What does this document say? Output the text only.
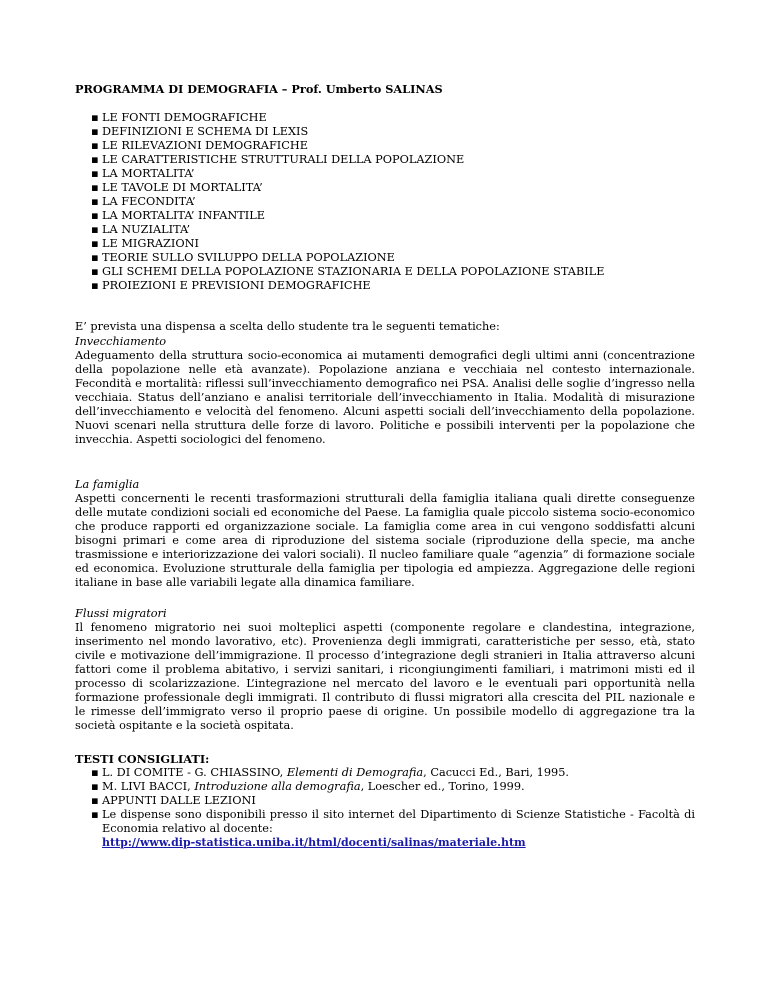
PROGRAMMA DI DEMOGRAFIA – Prof. Umberto SALINAS
▪ LE FONTI DEMOGRAFICHE
▪ DEFINIZIONI E SCHEMA DI LEXIS
▪ LE RILEVAZIONI DEMOGRAFICHE
▪ LE CARATTERISTICHE STRUTTURALI DELLA POPOLAZIONE
▪ LA MORTALITA’
▪ LE TAVOLE DI MORTALITA’
▪ LA FECONDITA’
▪ LA MORTALITA’ INFANTILE
▪ LA NUZIALITA’
▪ LE MIGRAZIONI
▪ TEORIE SULLO SVILUPPO DELLA POPOLAZIONE
▪ GLI SCHEMI DELLA POPOLAZIONE STAZIONARIA E DELLA POPOLAZIONE STABILE
▪ PROIEZIONI E PREVISIONI DEMOGRAFICHE
E’ prevista una dispensa a scelta dello studente tra le seguenti tematiche:
Invecchiamento
Adeguamento della struttura socio-economica ai mutamenti demografici degli ultimi anni (concentrazione della popolazione nelle età avanzate). Popolazione anziana e vecchiaia nel contesto internazionale. Fecondità e mortalità: riflessi sull’invecchiamento demografico nei PSA. Analisi delle soglie d’ingresso nella vecchiaia. Status dell’anziano e analisi territoriale dell’invecchiamento in Italia. Modalità di misurazione dell’invecchiamento e velocità del fenomeno. Alcuni aspetti sociali dell’invecchiamento della popolazione. Nuovi scenari nella struttura delle forze di lavoro. Politiche e possibili interventi per la popolazione che invecchia. Aspetti sociologici del fenomeno.
La famiglia
Aspetti concernenti le recenti trasformazioni strutturali della famiglia italiana quali dirette conseguenze delle mutate condizioni sociali ed economiche del Paese. La famiglia quale piccolo sistema socio-economico che produce rapporti ed organizzazione sociale. La famiglia come area in cui vengono soddisfatti alcuni bisogni primari e come area di riproduzione del sistema sociale (riproduzione della specie, ma anche trasmissione e interiorizzazione dei valori sociali). Il nucleo familiare quale “agenzia” di formazione sociale ed economica. Evoluzione strutturale della famiglia per tipologia ed ampiezza. Aggregazione delle regioni italiane in base alle variabili legate alla dinamica familiare.
Flussi migratori
Il fenomeno migratorio nei suoi molteplici aspetti (componente regolare e clandestina, integrazione, inserimento nel mondo lavorativo, etc). Provenienza degli immigrati, caratteristiche per sesso, età, stato civile e motivazione dell’immigrazione. Il processo d’integrazione degli stranieri in Italia attraverso alcuni fattori come il problema abitativo, i servizi sanitari, i ricongiungimenti familiari, i matrimoni misti ed il processo di scolarizzazione. L’integrazione nel mercato del lavoro e le eventuali pari opportunità nella formazione professionale degli immigrati. Il contributo di flussi migratori alla crescita del PIL nazionale e le rimesse dell’immigrato verso il proprio paese di origine. Un possibile modello di aggregazione tra la società ospitante e la società ospitata.
TESTI CONSIGLIATI:
▪ L. DI COMITE - G. CHIASSINO, Elementi di Demografia, Cacucci Ed., Bari, 1995.
▪ M. LIVI BACCI, Introduzione alla demografia, Loescher ed., Torino, 1999.
▪ APPUNTI DALLE LEZIONI
▪ Le dispense sono disponibili presso il sito internet del Dipartimento di Scienze Statistiche - Facoltà di Economia relativo al docente:
http://www.dip-statistica.uniba.it/html/docenti/salinas/materiale.htm
